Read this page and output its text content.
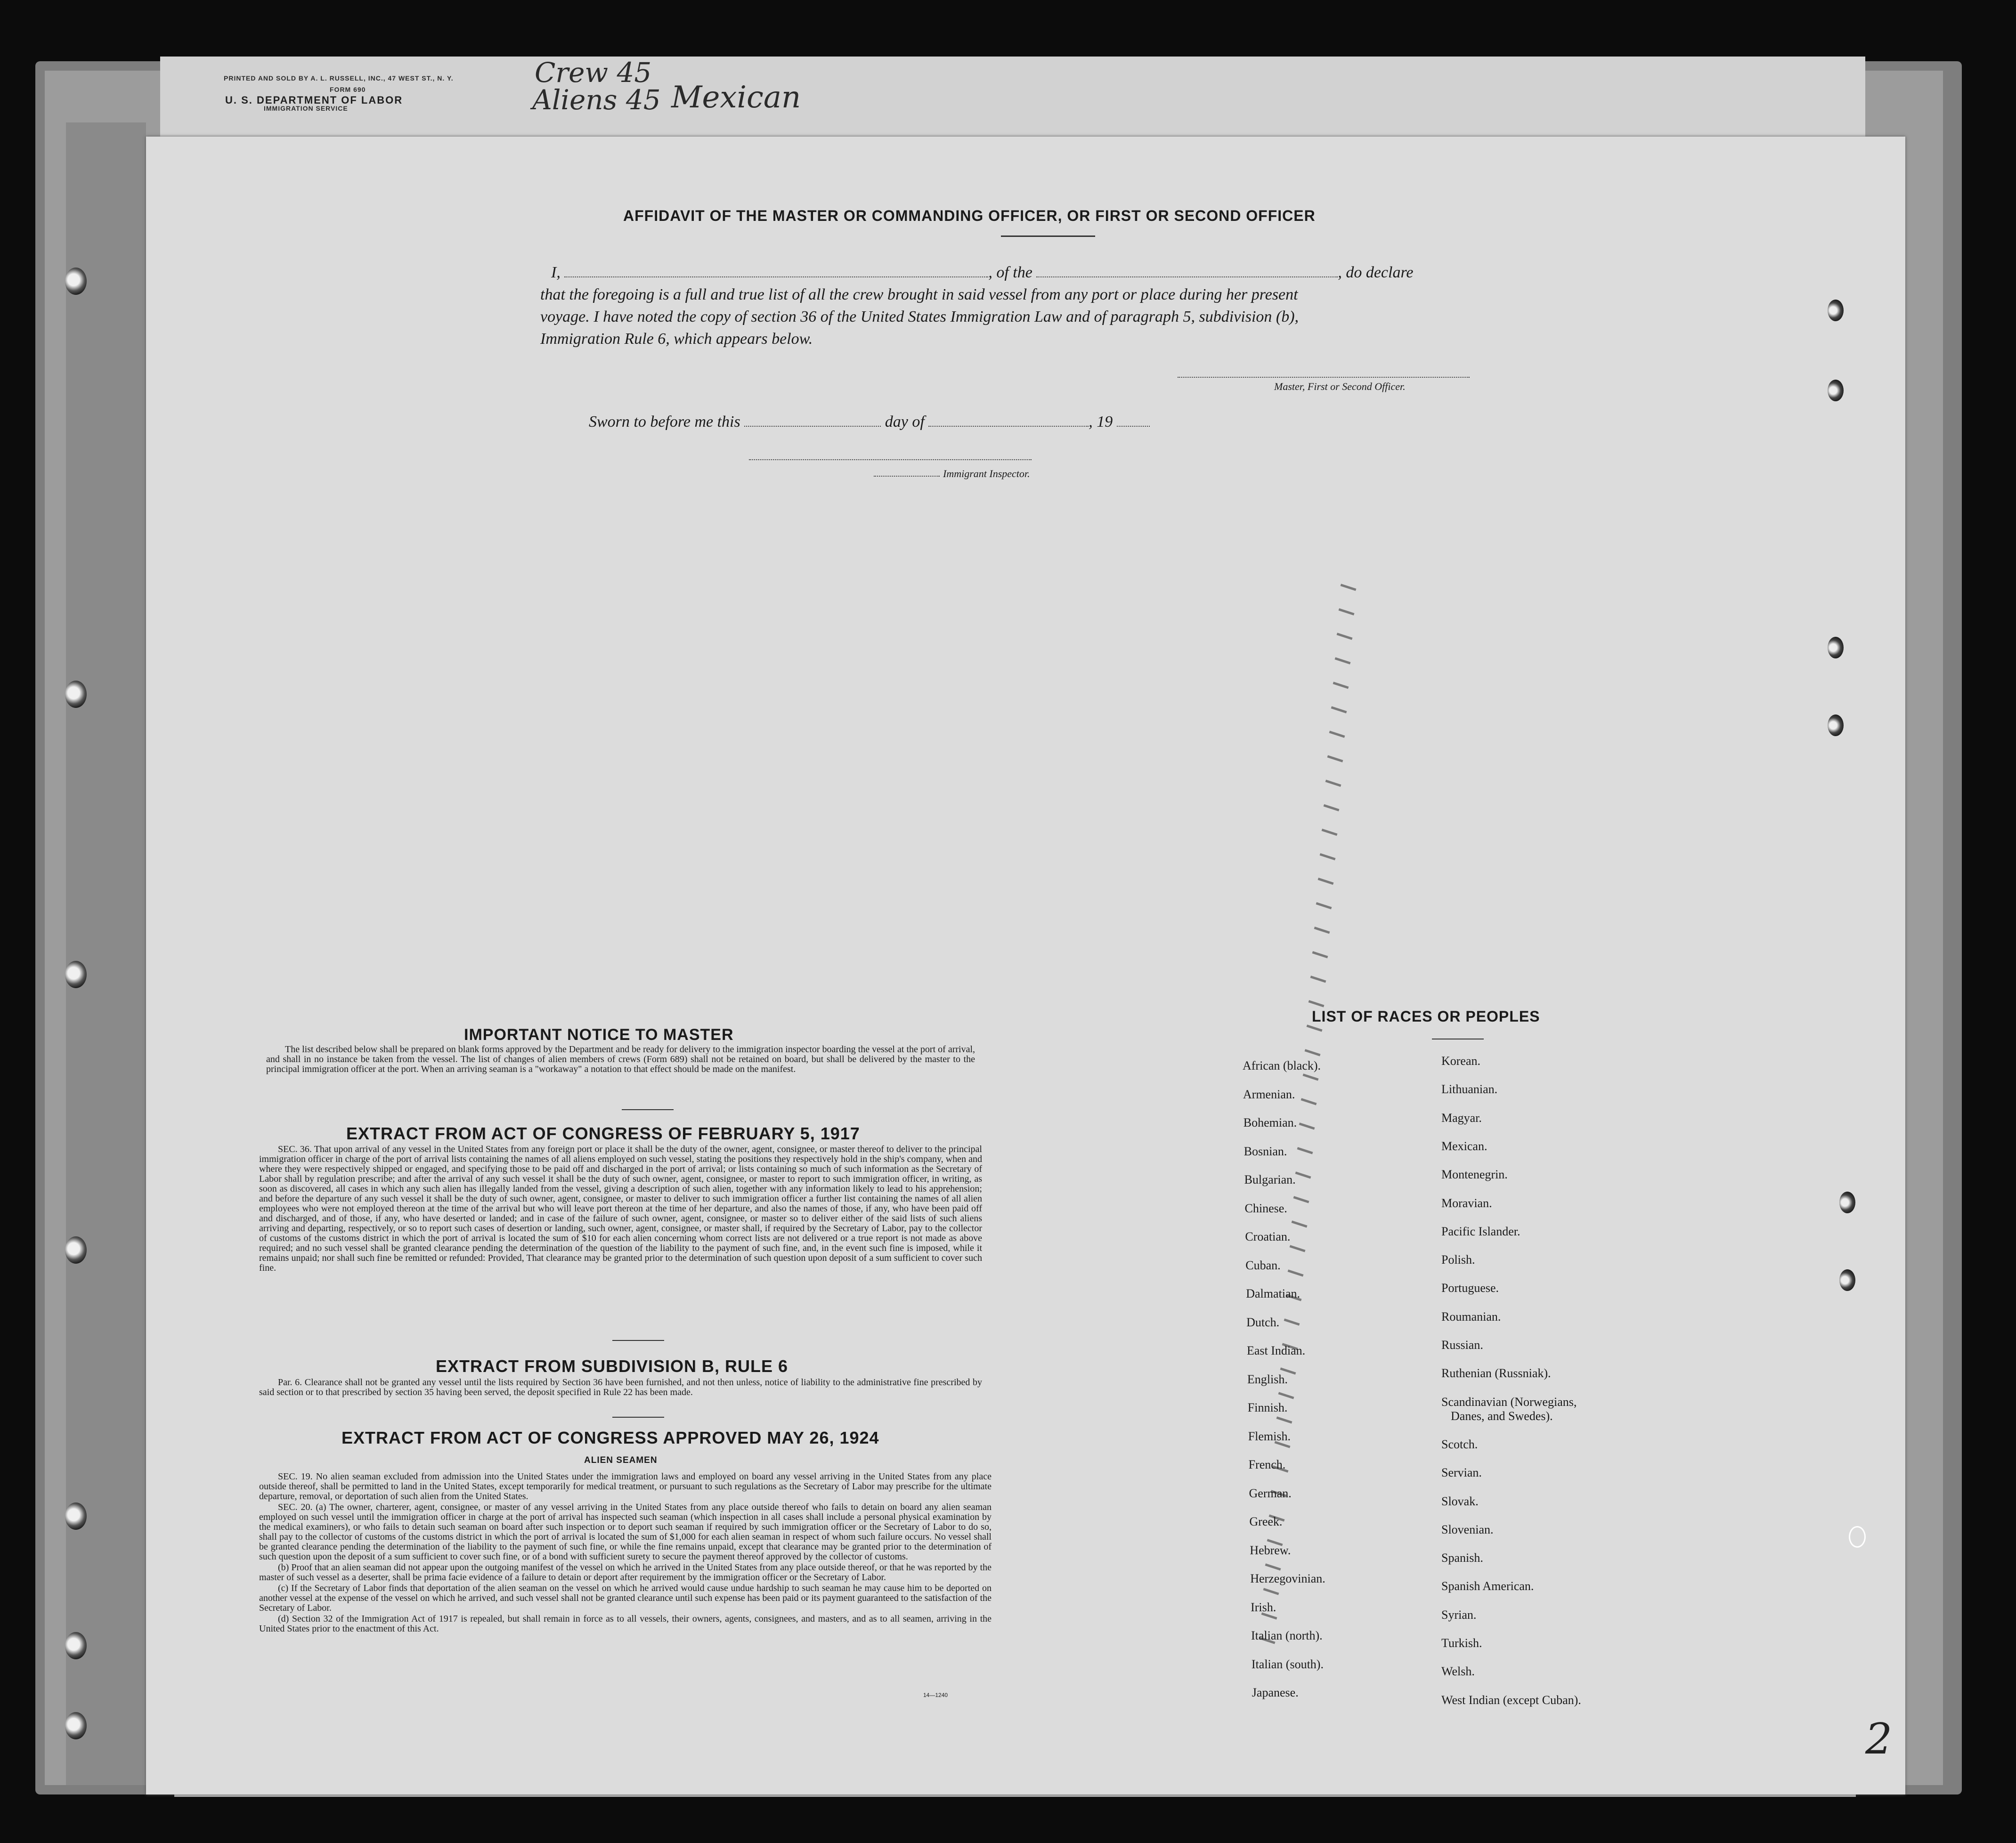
PRINTED AND SOLD BY A. L. RUSSELL, INC., 47 WEST ST., N. Y.
FORM 690
U. S. DEPARTMENT OF LABOR
IMMIGRATION SERVICE
Crew 45
Aliens 45 Mexican
AFFIDAVIT OF THE MASTER OR COMMANDING OFFICER, OR FIRST OR SECOND OFFICER
I,	, of the	, do declare
that the foregoing is a full and true list of all the crew brought in said vessel from any port or place during her present
voyage. I have noted the copy of section 36 of the United States Immigration Law and of paragraph 5, subdivision (b),
Immigration Rule 6, which appears below.
Master, First or Second Officer.
Sworn to before me this	day of	, 19
Immigrant Inspector.
IMPORTANT NOTICE TO MASTER

The list described below shall be prepared on blank forms approved by the Department and be ready for delivery to the immigration inspector boarding the vessel at the port of arrival, and shall in no instance be taken from the vessel. The list of changes of alien members of crews (Form 689) shall not be retained on board, but shall be delivered by the master to the principal immigration officer at the port. When an arriving seaman is a "workaway" a notation to that effect should be made on the manifest.

EXTRACT FROM ACT OF CONGRESS OF FEBRUARY 5, 1917

SEC. 36. That upon arrival of any vessel in the United States from any foreign port or place it shall be the duty of the owner, agent, consignee, or master thereof to deliver to the principal immigration officer in charge of the port of arrival lists containing the names of all aliens employed on such vessel, stating the positions they respectively hold in the ship's company, when and where they were respectively shipped or engaged, and specifying those to be paid off and discharged in the port of arrival; or lists containing so much of such information as the Secretary of Labor shall by regulation prescribe; and after the arrival of any such vessel it shall be the duty of such owner, agent, consignee, or master to report to such immigration officer, in writing, as soon as discovered, all cases in which any such alien has illegally landed from the vessel, giving a description of such alien, together with any information likely to lead to his apprehension; and before the departure of any such vessel it shall be the duty of such owner, agent, consignee, or master to deliver to such immigration officer a further list containing the names of all alien employees who were not employed thereon at the time of the arrival but who will leave port thereon at the time of her departure, and also the names of those, if any, who have been paid off and discharged, and of those, if any, who have deserted or landed; and in case of the failure of such owner, agent, consignee, or master so to deliver either of the said lists of such aliens arriving and departing, respectively, or so to report such cases of desertion or landing, such owner, agent, consignee, or master shall, if required by the Secretary of Labor, pay to the collector of customs of the customs district in which the port of arrival is located the sum of $10 for each alien concerning whom correct lists are not delivered or a true report is not made as above required; and no such vessel shall be granted clearance pending the determination of the question of the liability to the payment of such fine, and, in the event such fine is imposed, while it remains unpaid; nor shall such fine be remitted or refunded: Provided, That clearance may be granted prior to the determination of such question upon deposit of a sum sufficient to cover such fine.

EXTRACT FROM SUBDIVISION B, RULE 6

Par. 6. Clearance shall not be granted any vessel until the lists required by Section 36 have been furnished, and not then unless, notice of liability to the administrative fine prescribed by said section or to that prescribed by section 35 having been served, the deposit specified in Rule 22 has been made.

EXTRACT FROM ACT OF CONGRESS APPROVED MAY 26, 1924
ALIEN SEAMEN

SEC. 19. No alien seaman excluded from admission into the United States under the immigration laws and employed on board any vessel arriving in the United States from any place outside thereof, shall be permitted to land in the United States, except temporarily for medical treatment, or pursuant to such regulations as the Secretary of Labor may prescribe for the ultimate departure, removal, or deportation of such alien from the United States.

SEC. 20. (a) The owner, charterer, agent, consignee, or master of any vessel arriving in the United States from any place outside thereof who fails to detain on board any alien seaman employed on such vessel until the immigration officer in charge at the port of arrival has inspected such seaman (which inspection in all cases shall include a personal physical examination by the medical examiners), or who fails to detain such seaman on board after such inspection or to deport such seaman if required by such immigration officer or the Secretary of Labor to do so, shall pay to the collector of customs of the customs district in which the port of arrival is located the sum of $1,000 for each alien seaman in respect of whom such failure occurs. No vessel shall be granted clearance pending the determination of the liability to the payment of such fine, or while the fine remains unpaid, except that clearance may be granted prior to the determination of such question upon the deposit of a sum sufficient to cover such fine, or of a bond with sufficient surety to secure the payment thereof approved by the collector of customs.

(b) Proof that an alien seaman did not appear upon the outgoing manifest of the vessel on which he arrived in the United States from any place outside thereof, or that he was reported by the master of such vessel as a deserter, shall be prima facie evidence of a failure to detain or deport after requirement by the immigration officer or the Secretary of Labor.

(c) If the Secretary of Labor finds that deportation of the alien seaman on the vessel on which he arrived would cause undue hardship to such seaman he may cause him to be deported on another vessel at the expense of the vessel on which he arrived, and such vessel shall not be granted clearance until such expense has been paid or its payment guaranteed to the satisfaction of the Secretary of Labor.

(d) Section 32 of the Immigration Act of 1917 is repealed, but shall remain in force as to all vessels, their owners, agents, consignees, and masters, and as to all seamen, arriving in the United States prior to the enactment of this Act.

14—1240
LIST OF RACES OR PEOPLES
African (black).
Armenian.
Bohemian.
Bosnian.
Bulgarian.
Chinese.
Croatian.
Cuban.
Dalmatian.
Dutch.
East Indian.
English.
Finnish.
Flemish.
French.
German.
Greek.
Hebrew.
Herzegovinian.
Irish.
Italian (north).
Italian (south).
Japanese.
Korean.
Lithuanian.
Magyar.
Mexican.
Montenegrin.
Moravian.
Pacific Islander.
Polish.
Portuguese.
Roumanian.
Russian.
Ruthenian (Russniak).
Scandinavian (Norwegians,
Danes, and Swedes).
Scotch.
Servian.
Slovak.
Slovenian.
Spanish.
Spanish American.
Syrian.
Turkish.
Welsh.
West Indian (except Cuban).
2
